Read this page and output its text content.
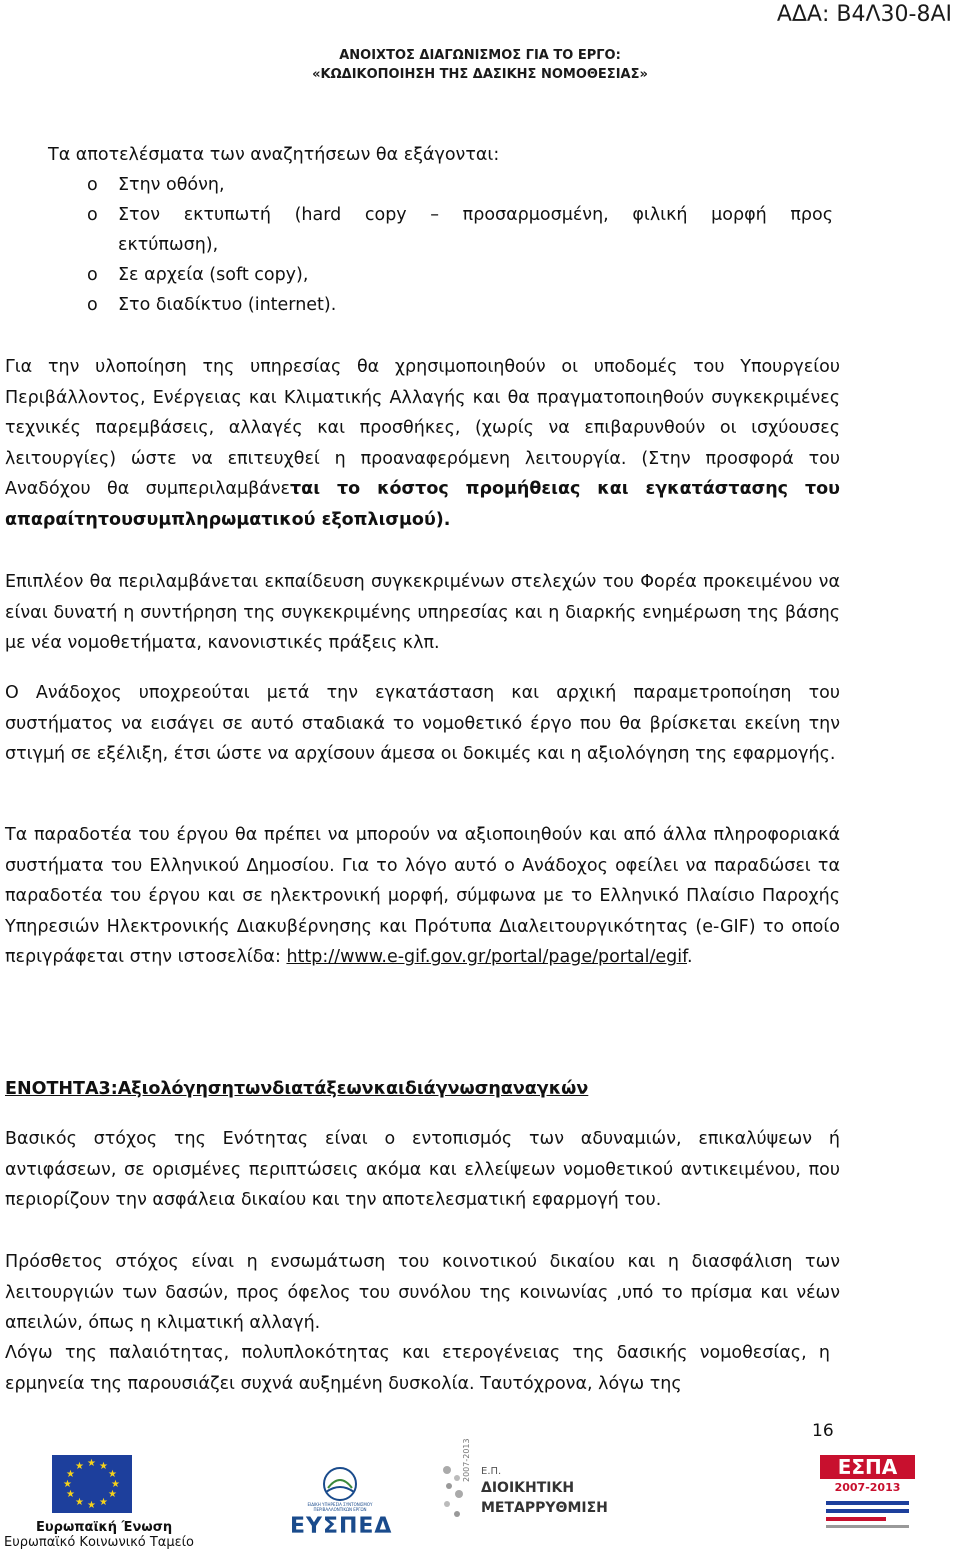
ΑΔΑ: Β4Λ30-8ΑΙ
ΑΝΟΙΧΤΟΣ ΔΙΑΓΩΝΙΣΜΟΣ ΓΙΑ ΤΟ ΕΡΓΟ:
«ΚΩΔΙΚΟΠΟΙΗΣΗ ΤΗΣ ΔΑΣΙΚΗΣ ΝΟΜΟΘΕΣΙΑΣ»
Τα αποτελέσματα των αναζητήσεων θα εξάγονται:
o Στην οθόνη,
o Στον εκτυπωτή (hard copy – προσαρμοσμένη, φιλική μορφή προς
εκτύπωση),
o Σε αρχεία (soft copy),
o Στο διαδίκτυο (internet).

Για την υλοποίηση της υπηρεσίας θα χρησιμοποιηθούν οι υποδομές του Υπουργείου Περιβάλλοντος, Ενέργειας και Κλιματικής Αλλαγής και θα πραγματοποιηθούν συγκεκριμένες τεχνικές παρεμβάσεις, αλλαγές και προσθήκες, (χωρίς να επιβαρυνθούν οι ισχύουσες λειτουργίες) ώστε να επιτευχθεί η προαναφερόμενη λειτουργία. (Στην προσφορά του Αναδόχου θα συμπεριλαμβάνεται το κόστος προμήθειας και εγκατάστασης του απαραίτητουσυμπληρωματικού εξοπλισμού).

Επιπλέον θα περιλαμβάνεται εκπαίδευση συγκεκριμένων στελεχών του Φορέα προκειμένου να είναι δυνατή η συντήρηση της συγκεκριμένης υπηρεσίας και η διαρκής ενημέρωση της βάσης με νέα νομοθετήματα, κανονιστικές πράξεις κλπ.

Ο Ανάδοχος υποχρεούται μετά την εγκατάσταση και αρχική παραμετροποίηση του συστήματος να εισάγει σε αυτό σταδιακά το νομοθετικό έργο που θα βρίσκεται εκείνη την στιγμή σε εξέλιξη, έτσι ώστε να αρχίσουν άμεσα οι δοκιμές και η αξιολόγηση της εφαρμογής.

Τα παραδοτέα του έργου θα πρέπει να μπορούν να αξιοποιηθούν και από άλλα πληροφοριακά συστήματα του Ελληνικού Δημοσίου. Για το λόγο αυτό ο Ανάδοχος οφείλει να παραδώσει τα παραδοτέα του έργου και σε ηλεκτρονική μορφή, σύμφωνα με το Ελληνικό Πλαίσιο Παροχής Υπηρεσιών Ηλεκτρονικής Διακυβέρνησης και Πρότυπα Διαλειτουργικότητας (e-GIF) το οποίο περιγράφεται στην ιστοσελίδα: http://www.e-gif.gov.gr/portal/page/portal/egif.

ΕΝΟΤΗΤΑ3:Αξιολόγησητωνδιατάξεωνκαιδιάγνωσηαναγκών

Βασικός στόχος της Ενότητας είναι ο εντοπισμός των αδυναμιών, επικαλύψεων ή αντιφάσεων, σε ορισμένες περιπτώσεις ακόμα και ελλείψεων νομοθετικού αντικειμένου, που περιορίζουν την ασφάλεια δικαίου και την αποτελεσματική εφαρμογή του.

Πρόσθετος στόχος είναι η ενσωμάτωση του κοινοτικού δικαίου και η διασφάλιση των λειτουργιών των δασών, προς όφελος του συνόλου της κοινωνίας ,υπό το πρίσμα και νέων απειλών, όπως η κλιματική αλλαγή.

Λόγω της παλαιότητας, πολυπλοκότητας και ετερογένειας της δασικής νομοθεσίας, η ερμηνεία της παρουσιάζει συχνά αυξημένη δυσκολία. Ταυτόχρονα, λόγω της

16
★ ★
★
★
★
★
★
★
★
★
★
★
Ευρωπαϊκή Ένωση
Ευρωπαϊκό Κοινωνικό Ταμείο
ΕΙΔΙΚΗ ΥΠΗΡΕΣΙΑ ΣΥΝΤΟΝΙΣΜΟΥ ΠΕΡΙΒΑΛΛΟΝΤΙΚΩΝ ΕΡΓΩΝ
ΕΥΣΠΕΔ
2007-2013 Ε.Π.
ΔΙΟΙΚΗΤΙΚΗ
ΜΕΤΑΡΡΥΘΜΙΣΗ
ΕΣΠΑ
2007-2013
